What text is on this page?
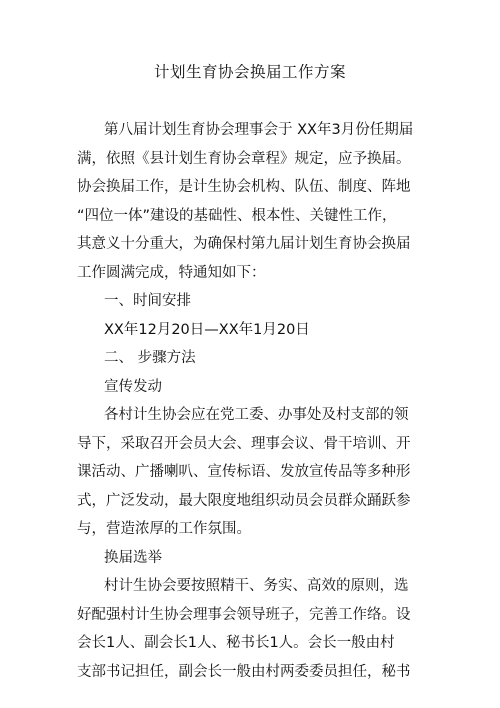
计划生育协会换届工作方案
第八届计划生育协会理事会于 XX年3月份任期届
满，依照《县计划生育协会章程》规定，应予换届。
协会换届工作，是计生协会机构、队伍、制度、阵地
“四位一体”建设的基础性、根本性、关键性工作，
其意义十分重大，为确保村第九届计划生育协会换届
工作圆满完成，特通知如下：
一、时间安排
XX年12月20日—XX年1月20日
二、 步骤方法
宣传发动
各村计生协会应在党工委、办事处及村支部的领
导下，采取召开会员大会、理事会议、骨干培训、开
课活动、广播喇叭、宣传标语、发放宣传品等多种形
式，广泛发动，最大限度地组织动员会员群众踊跃参
与，营造浓厚的工作氛围。
换届选举
村计生协会要按照精干、务实、高效的原则，选
好配强村计生协会理事会领导班子，完善工作络。设
会长1人、副会长1人、秘书长1人。会长一般由村
支部书记担任，副会长一般由村两委委员担任，秘书
